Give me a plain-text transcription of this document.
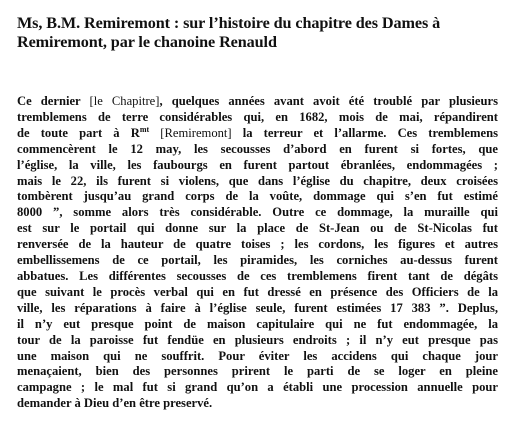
Ms, B.M. Remiremont : sur l’histoire du chapitre des Dames à
Remiremont, par le chanoine Renauld
Ce dernier [le Chapitre], quelques années avant avoit été troublé par plusieurs
tremblemens de terre considérables qui, en 1682, mois de mai, répandirent
de toute part à $R^{mt}$ [Remiremont] la terreur et l’allarme. Ces tremblemens
commencèrent le 12 may, les secousses d’abord en furent si fortes, que
l’église, la ville, les faubourgs en furent partout ébranlées, endommagées ;
mais le 22, ils furent si violens, que dans l’église du chapitre, deux croisées
tombèrent jusqu’au grand corps de la voûte, dommage qui s’en fut estimé
8000 ”, somme alors très considérable. Outre ce dommage, la muraille qui
est sur le portail qui donne sur la place de St-Jean ou de St-Nicolas fut
renversée de la hauteur de quatre toises ; les cordons, les figures et autres
embellissemens de ce portail, les piramides, les corniches au-dessus furent
abbatues. Les différentes secousses de ces tremblemens firent tant de dégâts
que suivant le procès verbal qui en fut dressé en présence des Officiers de la
ville, les réparations à faire à l’église seule, furent estimées 17 383 ”. Deplus,
il n’y eut presque point de maison capitulaire qui ne fut endommagée, la
tour de la paroisse fut fendüe en plusieurs endroits ; il n’y eut presque pas
une maison qui ne souffrit. Pour éviter les accidens qui chaque jour
menaçaient, bien des personnes prirent le parti de se loger en pleine
campagne ; le mal fut si grand qu’on a établi une procession annuelle pour
demander à Dieu d’en être preservé.
